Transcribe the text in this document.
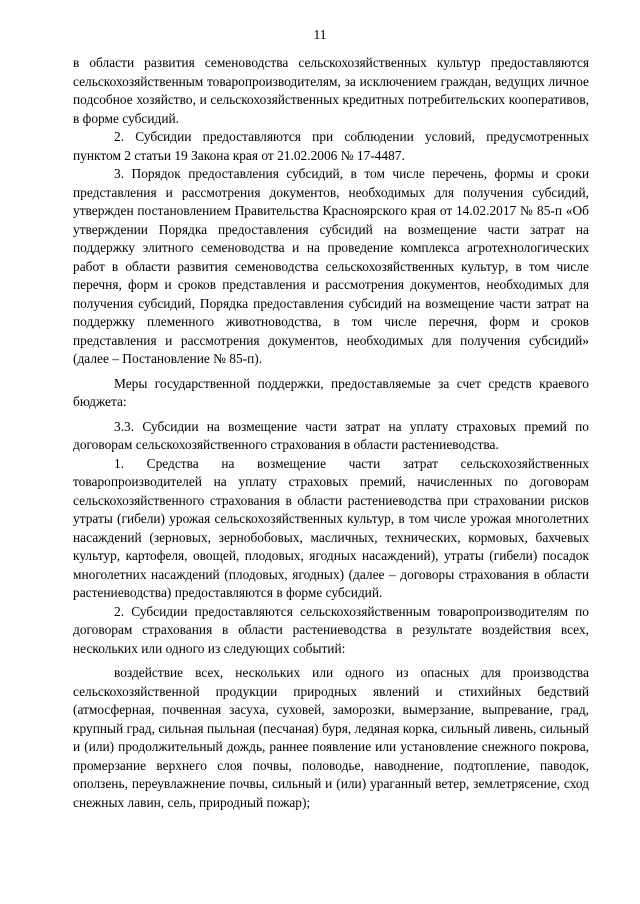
11

в области развития семеноводства сельскохозяйственных культур предоставляются сельскохозяйственным товаропроизводителям, за исключением граждан, ведущих личное подсобное хозяйство, и сельскохозяйственных кредитных потребительских кооперативов, в форме субсидий.

2. Субсидии предоставляются при соблюдении условий, предусмотренных пунктом 2 статьи 19 Закона края от 21.02.2006 № 17-4487.

3. Порядок предоставления субсидий, в том числе перечень, формы и сроки представления и рассмотрения документов, необходимых для получения субсидий, утвержден постановлением Правительства Красноярского края от 14.02.2017 № 85-п «Об утверждении Порядка предоставления субсидий на возмещение части затрат на поддержку элитного семеноводства и на проведение комплекса агротехнологических работ в области развития семеноводства сельскохозяйственных культур, в том числе перечня, форм и сроков представления и рассмотрения документов, необходимых для получения субсидий, Порядка предоставления субсидий на возмещение части затрат на поддержку племенного животноводства, в том числе перечня, форм и сроков представления и рассмотрения документов, необходимых для получения субсидий» (далее – Постановление № 85-п).

Меры государственной поддержки, предоставляемые за счет средств краевого бюджета:

3.3. Субсидии на возмещение части затрат на уплату страховых премий по договорам сельскохозяйственного страхования в области растениеводства.

1. Средства на возмещение части затрат сельскохозяйственных товаропроизводителей на уплату страховых премий, начисленных по договорам сельскохозяйственного страхования в области растениеводства при страховании рисков утраты (гибели) урожая сельскохозяйственных культур, в том числе урожая многолетних насаждений (зерновых, зернобобовых, масличных, технических, кормовых, бахчевых культур, картофеля, овощей, плодовых, ягодных насаждений), утраты (гибели) посадок многолетних насаждений (плодовых, ягодных) (далее – договоры страхования в области растениеводства) предоставляются в форме субсидий.

2. Субсидии предоставляются сельскохозяйственным товаропроизводителям по договорам страхования в области растениеводства в результате воздействия всех, нескольких или одного из следующих событий:

воздействие всех, нескольких или одного из опасных для производства сельскохозяйственной продукции природных явлений и стихийных бедствий (атмосферная, почвенная засуха, суховей, заморозки, вымерзание, выпревание, град, крупный град, сильная пыльная (песчаная) буря, ледяная корка, сильный ливень, сильный и (или) продолжительный дождь, раннее появление или установление снежного покрова, промерзание верхнего слоя почвы, половодье, наводнение, подтопление, паводок, оползень, переувлажнение почвы, сильный и (или) ураганный ветер, землетрясение, сход снежных лавин, сель, природный пожар);
